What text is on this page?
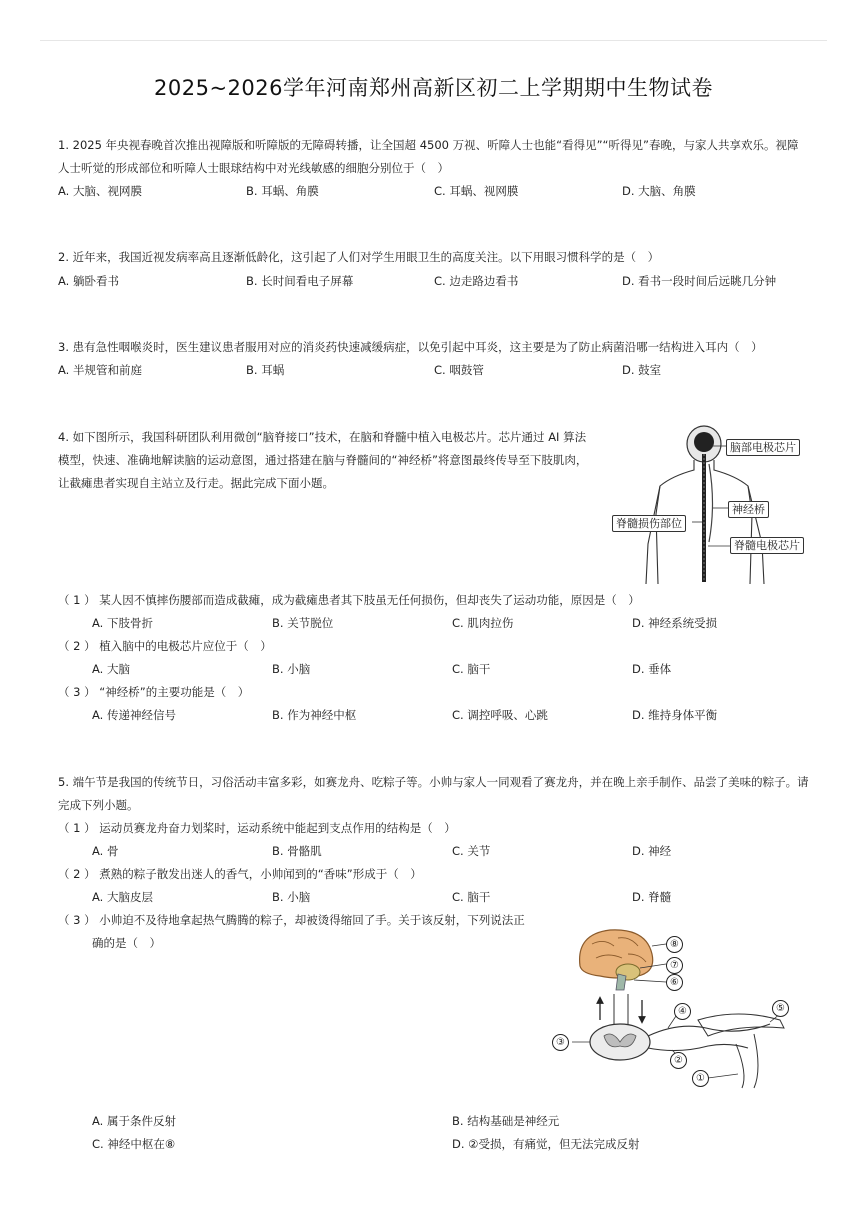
2025~2026学年河南郑州高新区初二上学期期中生物试卷
1. 2025 年央视春晚首次推出视障版和听障版的无障碍转播，让全国超 4500 万视、听障人士也能“看得见”“听得见”春晚，与家人共享欢乐。视障
人士听觉的形成部位和听障人士眼球结构中对光线敏感的细胞分别位于（　）
A. 大脑、视网膜	B. 耳蜗、角膜	C. 耳蜗、视网膜	D. 大脑、角膜
2. 近年来，我国近视发病率高且逐渐低龄化，这引起了人们对学生用眼卫生的高度关注。以下用眼习惯科学的是（　）
A. 躺卧看书	B. 长时间看电子屏幕	C. 边走路边看书	D. 看书一段时间后远眺几分钟
3. 患有急性咽喉炎时，医生建议患者服用对应的消炎药快速减缓病症，以免引起中耳炎，这主要是为了防止病菌沿哪一结构进入耳内（　）
A. 半规管和前庭	B. 耳蜗	C. 咽鼓管	D. 鼓室
4. 如下图所示，我国科研团队利用微创“脑脊接口”技术，在脑和脊髓中植入电极芯片。芯片通过 AI 算法
模型，快速、准确地解读脑的运动意图，通过搭建在脑与脊髓间的“神经桥”将意图最终传导至下肢肌肉，
让截瘫患者实现自主站立及行走。据此完成下面小题。
脑部电极芯片
神经桥
脊髓损伤部位
脊髓电极芯片
（ 1 ） 某人因不慎摔伤腰部而造成截瘫，成为截瘫患者其下肢虽无任何损伤，但却丧失了运动功能，原因是（　）
A. 下肢骨折	B. 关节脱位	C. 肌肉拉伤	D. 神经系统受损
（ 2 ） 植入脑中的电极芯片应位于（　）
A. 大脑	B. 小脑	C. 脑干	D. 垂体
（ 3 ） “神经桥”的主要功能是（　）
A. 传递神经信号	B. 作为神经中枢	C. 调控呼吸、心跳	D. 维持身体平衡
5. 端午节是我国的传统节日，习俗活动丰富多彩，如赛龙舟、吃粽子等。小帅与家人一同观看了赛龙舟，并在晚上亲手制作、品尝了美味的粽子。请
完成下列小题。
（ 1 ） 运动员赛龙舟奋力划桨时，运动系统中能起到支点作用的结构是（　）
A. 骨	B. 骨骼肌	C. 关节	D. 神经
（ 2 ） 煮熟的粽子散发出迷人的香气，小帅闻到的“香味”形成于（　）
A. 大脑皮层	B. 小脑	C. 脑干	D. 脊髓
（ 3 ） 小帅迫不及待地拿起热气腾腾的粽子，却被烫得缩回了手。关于该反射，下列说法正
确的是（　）	⑧
⑦
⑥
④	⑤
③
②
①
A. 属于条件反射	B. 结构基础是神经元
C. 神经中枢在⑧	D. ②受损，有痛觉，但无法完成反射
